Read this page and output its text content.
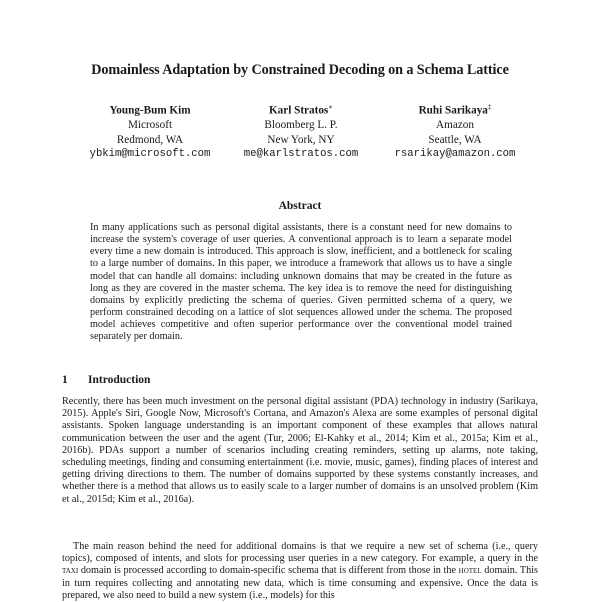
Domainless Adaptation by Constrained Decoding on a Schema Lattice
Young-Bum Kim
Microsoft
Redmond, WA
ybkim@microsoft.com
Karl Stratos∗
Bloomberg L. P.
New York, NY
me@karlstratos.com
Ruhi Sarikaya‡
Amazon
Seattle, WA
rsarikay@amazon.com
Abstract
In many applications such as personal digital assistants, there is a constant need for new domains to increase the system's coverage of user queries. A conventional approach is to learn a separate model every time a new domain is introduced. This approach is slow, inefficient, and a bottleneck for scaling to a large number of domains. In this paper, we introduce a framework that allows us to have a single model that can handle all domains: including unknown domains that may be created in the future as long as they are covered in the master schema. The key idea is to remove the need for distinguishing domains by explicitly predicting the schema of queries. Given permitted schema of a query, we perform constrained decoding on a lattice of slot sequences allowed under the schema. The proposed model achieves competitive and often superior performance over the conventional model trained separately per domain.
1 Introduction
Recently, there has been much investment on the personal digital assistant (PDA) technology in industry (Sarikaya, 2015). Apple's Siri, Google Now, Microsoft's Cortana, and Amazon's Alexa are some examples of personal digital assistants. Spoken language understanding is an important component of these examples that allows natural communication between the user and the agent (Tur, 2006; El-Kahky et al., 2014; Kim et al., 2015a; Kim et al., 2016b). PDAs support a number of scenarios including creating reminders, setting up alarms, note taking, scheduling meetings, finding and consuming entertainment (i.e. movie, music, games), finding places of interest and getting driving directions to them. The number of domains supported by these systems constantly increases, and whether there is a method that allows us to easily scale to a larger number of domains is an unsolved problem (Kim et al., 2015d; Kim et al., 2016a).
The main reason behind the need for additional domains is that we require a new set of schema (i.e., query topics), composed of intents, and slots for processing user queries in a new category. For example, a query in the taxi domain is processed according to domain-specific schema that is different from those in the hotel domain. This in turn requires collecting and annotating new data, which is time consuming and expensive. Once the data is prepared, we also need to build a new system (i.e., models) for this
